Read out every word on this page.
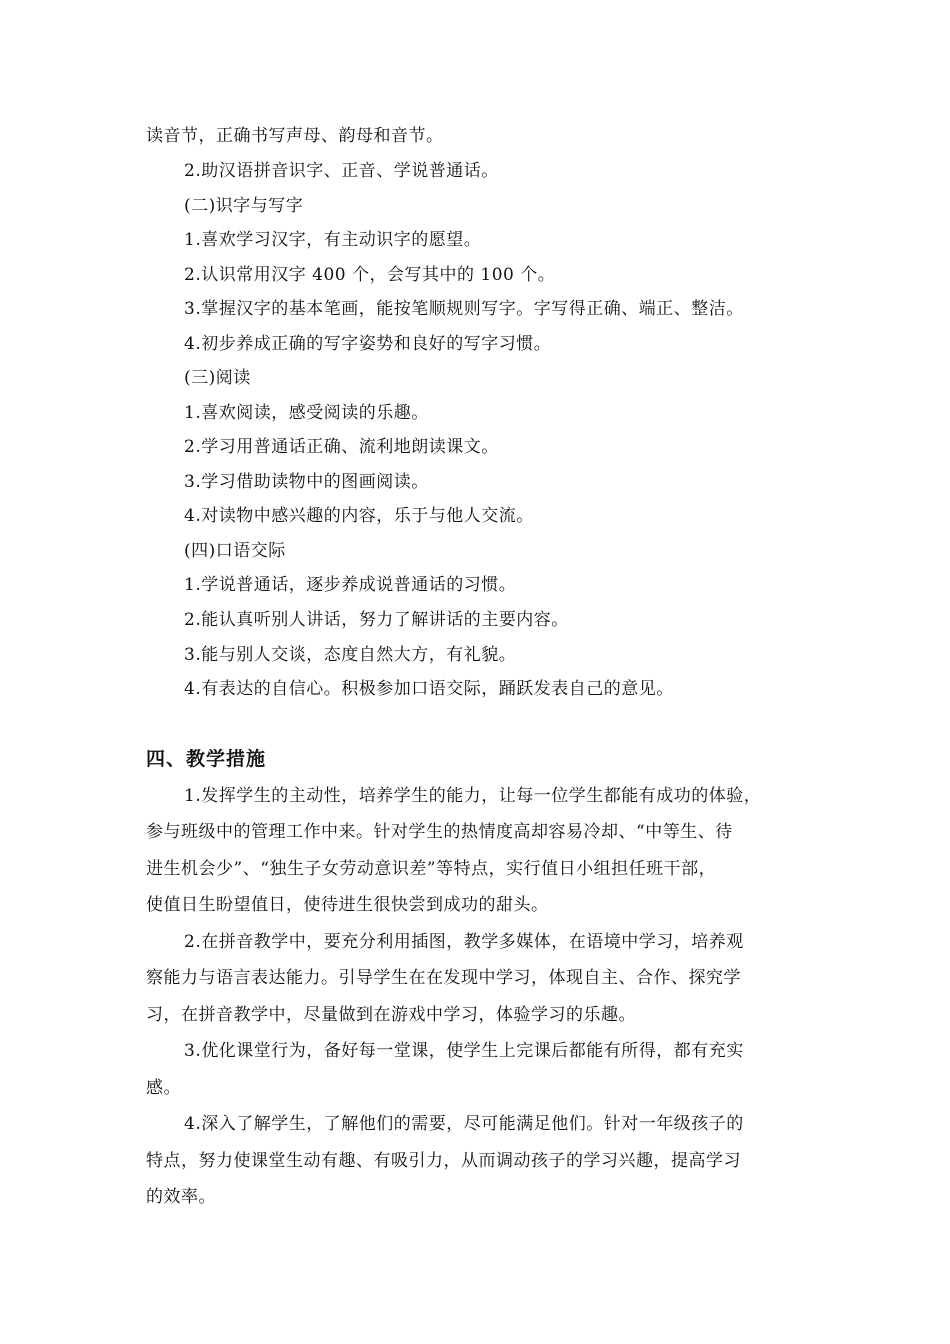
读音节，正确书写声母、韵母和音节。
2.助汉语拼音识字、正音、学说普通话。
(二)识字与写字
1.喜欢学习汉字，有主动识字的愿望。
2.认识常用汉字 400 个，会写其中的 100 个。
3.掌握汉字的基本笔画，能按笔顺规则写字。字写得正确、端正、整洁。
4.初步养成正确的写字姿势和良好的写字习惯。
(三)阅读
1.喜欢阅读，感受阅读的乐趣。
2.学习用普通话正确、流利地朗读课文。
3.学习借助读物中的图画阅读。
4.对读物中感兴趣的内容，乐于与他人交流。
(四)口语交际
1.学说普通话，逐步养成说普通话的习惯。
2.能认真听别人讲话，努力了解讲话的主要内容。
3.能与别人交谈，态度自然大方，有礼貌。
4.有表达的自信心。积极参加口语交际，踊跃发表自己的意见。
四、教学措施
1.发挥学生的主动性，培养学生的能力，让每一位学生都能有成功的体验，
参与班级中的管理工作中来。针对学生的热情度高却容易冷却、“中等生、待
进生机会少”、“独生子女劳动意识差”等特点，实行值日小组担任班干部，
使值日生盼望值日，使待进生很快尝到成功的甜头。
2.在拼音教学中，要充分利用插图，教学多媒体，在语境中学习，培养观
察能力与语言表达能力。引导学生在在发现中学习，体现自主、合作、探究学
习，在拼音教学中，尽量做到在游戏中学习，体验学习的乐趣。
3.优化课堂行为，备好每一堂课，使学生上完课后都能有所得，都有充实
感。
4.深入了解学生，了解他们的需要，尽可能满足他们。针对一年级孩子的
特点，努力使课堂生动有趣、有吸引力，从而调动孩子的学习兴趣，提高学习
的效率。
